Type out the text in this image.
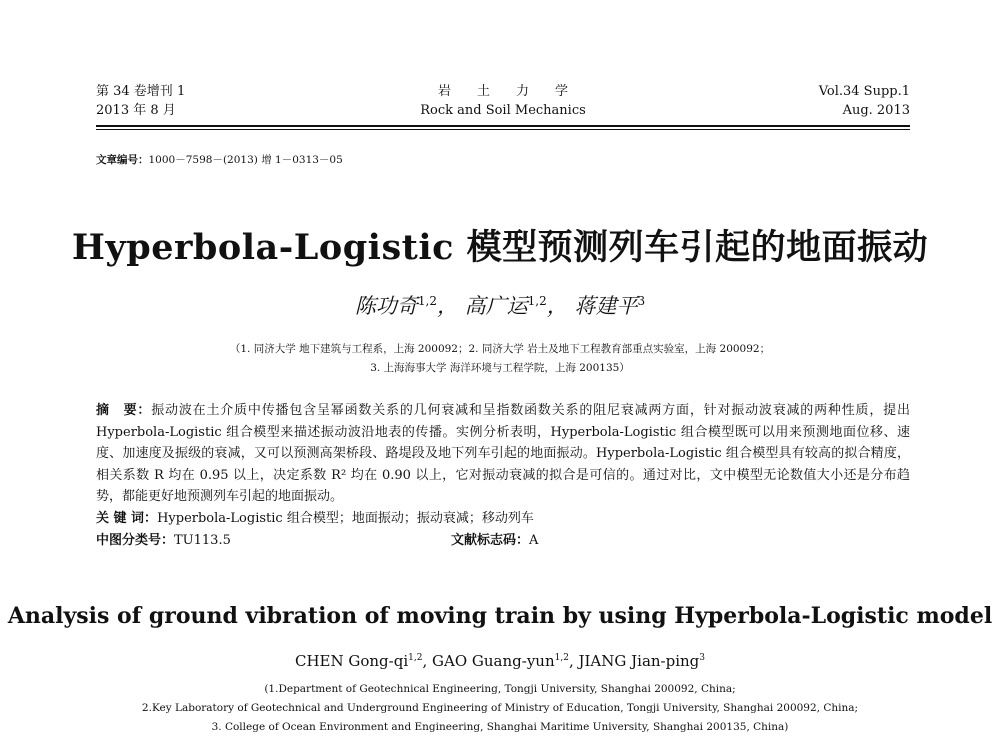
第 34 卷增刊 1
2013 年 8 月
岩土力学
Rock and Soil Mechanics
Vol.34 Supp.1
Aug. 2013
文章编号：1000－7598－(2013) 增 1－0313－05
Hyperbola-Logistic 模型预测列车引起的地面振动
陈功奇$^{1,2}$， 高广运$^{1,2}$， 蒋建平$^3$
（1. 同济大学 地下建筑与工程系，上海 200092；2. 同济大学 岩土及地下工程教育部重点实验室，上海 200092；
3. 上海海事大学 海洋环境与工程学院，上海 200135）
摘　要：振动波在土介质中传播包含呈幂函数关系的几何衰减和呈指数函数关系的阻尼衰减两方面，针对振动波衰减的两种性质，提出 Hyperbola-Logistic 组合模型来描述振动波沿地表的传播。实例分析表明，Hyperbola-Logistic 组合模型既可以用来预测地面位移、速度、加速度及振级的衰减，又可以预测高架桥段、路堤段及地下列车引起的地面振动。Hyperbola-Logistic 组合模型具有较高的拟合精度，相关系数 R 均在 0.95 以上，决定系数 R² 均在 0.90 以上，它对振动衰减的拟合是可信的。通过对比，文中模型无论数值大小还是分布趋势，都能更好地预测列车引起的地面振动。
关 键 词：Hyperbola-Logistic 组合模型；地面振动；振动衰减；移动列车
中图分类号：TU113.5	文献标志码：A
Analysis of ground vibration of moving train by using Hyperbola-Logistic model
CHEN Gong-qi$^{1,2}$, GAO Guang-yun$^{1,2}$, JIANG Jian-ping$^3$
(1.Department of Geotechnical Engineering, Tongji University, Shanghai 200092, China;
2.Key Laboratory of Geotechnical and Underground Engineering of Ministry of Education, Tongji University, Shanghai 200092, China;
3. College of Ocean Environment and Engineering, Shanghai Maritime University, Shanghai 200135, China)
